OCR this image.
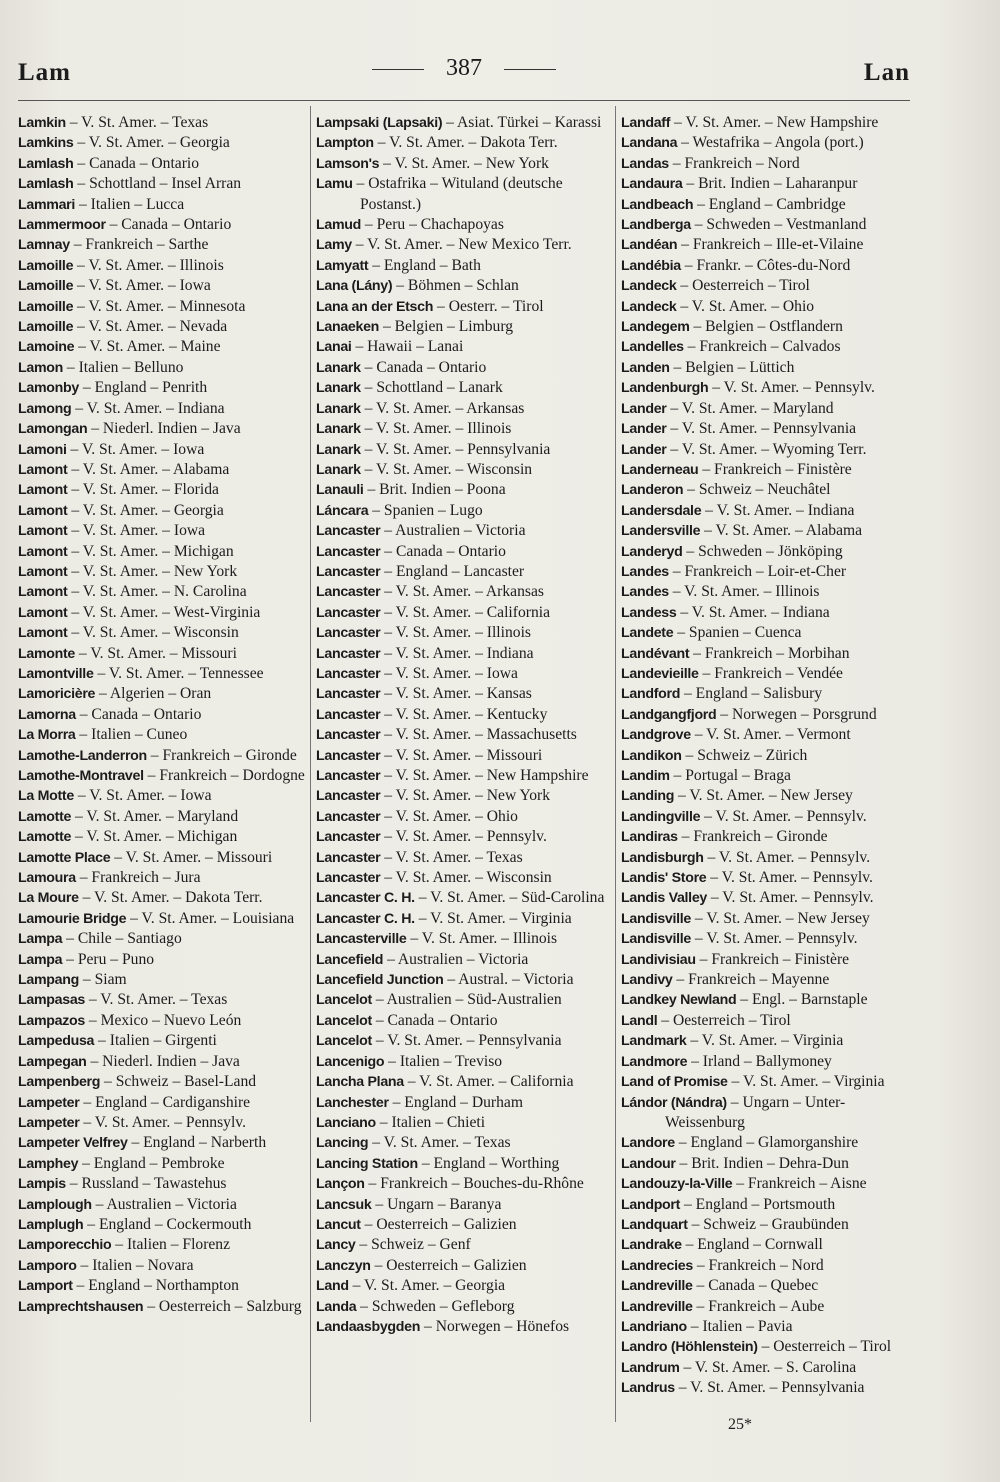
Lam	387	Lan
Lamkin – V. St. Amer. – Texas
Lamkins – V. St. Amer. – Georgia
Lamlash – Canada – Ontario
Lamlash – Schottland – Insel Arran
Lammari – Italien – Lucca
Lammermoor – Canada – Ontario
Lamnay – Frankreich – Sarthe
Lamoille – V. St. Amer. – Illinois
Lamoille – V. St. Amer. – Iowa
Lamoille – V. St. Amer. – Minnesota
Lamoille – V. St. Amer. – Nevada
Lamoine – V. St. Amer. – Maine
Lamon – Italien – Belluno
Lamonby – England – Penrith
Lamong – V. St. Amer. – Indiana
Lamongan – Niederl. Indien – Java
Lamoni – V. St. Amer. – Iowa
Lamont – V. St. Amer. – Alabama
Lamont – V. St. Amer. – Florida
Lamont – V. St. Amer. – Georgia
Lamont – V. St. Amer. – Iowa
Lamont – V. St. Amer. – Michigan
Lamont – V. St. Amer. – New York
Lamont – V. St. Amer. – N. Carolina
Lamont – V. St. Amer. – West-Virginia
Lamont – V. St. Amer. – Wisconsin
Lamonte – V. St. Amer. – Missouri
Lamontville – V. St. Amer. – Tennessee
Lamoricière – Algerien – Oran
Lamorna – Canada – Ontario
La Morra – Italien – Cuneo
Lamothe-Landerron – Frankreich – Gironde
Lamothe-Montravel – Frankreich – Dordogne
La Motte – V. St. Amer. – Iowa
Lamotte – V. St. Amer. – Maryland
Lamotte – V. St. Amer. – Michigan
Lamotte Place – V. St. Amer. – Missouri
Lamoura – Frankreich – Jura
La Moure – V. St. Amer. – Dakota Terr.
Lamourie Bridge – V. St. Amer. – Louisiana
Lampa – Chile – Santiago
Lampa – Peru – Puno
Lampang – Siam
Lampasas – V. St. Amer. – Texas
Lampazos – Mexico – Nuevo León
Lampedusa – Italien – Girgenti
Lampegan – Niederl. Indien – Java
Lampenberg – Schweiz – Basel-Land
Lampeter – England – Cardiganshire
Lampeter – V. St. Amer. – Pennsylv.
Lampeter Velfrey – England – Narberth
Lamphey – England – Pembroke
Lampis – Russland – Tawastehus
Lamplough – Australien – Victoria
Lamplugh – England – Cockermouth
Lamporecchio – Italien – Florenz
Lamporo – Italien – Novara
Lamport – England – Northampton
Lamprechtshausen – Oesterreich – Salzburg
Lampsaki (Lapsaki) – Asiat. Türkei – Karassi
Lampton – V. St. Amer. – Dakota Terr.
Lamson's – V. St. Amer. – New York
Lamu – Ostafrika – Wituland (deutsche Postanst.)
Lamud – Peru – Chachapoyas
Lamy – V. St. Amer. – New Mexico Terr.
Lamyatt – England – Bath
Lana (Lány) – Böhmen – Schlan
Lana an der Etsch – Oesterr. – Tirol
Lanaeken – Belgien – Limburg
Lanai – Hawaii – Lanai
Lanark – Canada – Ontario
Lanark – Schottland – Lanark
Lanark – V. St. Amer. – Arkansas
Lanark – V. St. Amer. – Illinois
Lanark – V. St. Amer. – Pennsylvania
Lanark – V. St. Amer. – Wisconsin
Lanauli – Brit. Indien – Poona
Láncara – Spanien – Lugo
Lancaster – Australien – Victoria
Lancaster – Canada – Ontario
Lancaster – England – Lancaster
Lancaster – V. St. Amer. – Arkansas
Lancaster – V. St. Amer. – California
Lancaster – V. St. Amer. – Illinois
Lancaster – V. St. Amer. – Indiana
Lancaster – V. St. Amer. – Iowa
Lancaster – V. St. Amer. – Kansas
Lancaster – V. St. Amer. – Kentucky
Lancaster – V. St. Amer. – Massachusetts
Lancaster – V. St. Amer. – Missouri
Lancaster – V. St. Amer. – New Hampshire
Lancaster – V. St. Amer. – New York
Lancaster – V. St. Amer. – Ohio
Lancaster – V. St. Amer. – Pennsylv.
Lancaster – V. St. Amer. – Texas
Lancaster – V. St. Amer. – Wisconsin
Lancaster C. H. – V. St. Amer. – Süd-Carolina
Lancaster C. H. – V. St. Amer. – Virginia
Lancasterville – V. St. Amer. – Illinois
Lancefield – Australien – Victoria
Lancefield Junction – Austral. – Victoria
Lancelot – Australien – Süd-Australien
Lancelot – Canada – Ontario
Lancelot – V. St. Amer. – Pennsylvania
Lancenigo – Italien – Treviso
Lancha Plana – V. St. Amer. – California
Lanchester – England – Durham
Lanciano – Italien – Chieti
Lancing – V. St. Amer. – Texas
Lancing Station – England – Worthing
Lançon – Frankreich – Bouches-du-Rhône
Lancsuk – Ungarn – Baranya
Lancut – Oesterreich – Galizien
Lancy – Schweiz – Genf
Lanczyn – Oesterreich – Galizien
Land – V. St. Amer. – Georgia
Landa – Schweden – Gefleborg
Landaasbygden – Norwegen – Hönefos
Landaff – V. St. Amer. – New Hampshire
Landana – Westafrika – Angola (port.)
Landas – Frankreich – Nord
Landaura – Brit. Indien – Laharanpur
Landbeach – England – Cambridge
Landberga – Schweden – Vestmanland
Landéan – Frankreich – Ille-et-Vilaine
Landébia – Frankr. – Côtes-du-Nord
Landeck – Oesterreich – Tirol
Landeck – V. St. Amer. – Ohio
Landegem – Belgien – Ostflandern
Landelles – Frankreich – Calvados
Landen – Belgien – Lüttich
Landenburgh – V. St. Amer. – Pennsylv.
Lander – V. St. Amer. – Maryland
Lander – V. St. Amer. – Pennsylvania
Lander – V. St. Amer. – Wyoming Terr.
Landerneau – Frankreich – Finistère
Landeron – Schweiz – Neuchâtel
Landersdale – V. St. Amer. – Indiana
Landersville – V. St. Amer. – Alabama
Landeryd – Schweden – Jönköping
Landes – Frankreich – Loir-et-Cher
Landes – V. St. Amer. – Illinois
Landess – V. St. Amer. – Indiana
Landete – Spanien – Cuenca
Landévant – Frankreich – Morbihan
Landevieille – Frankreich – Vendée
Landford – England – Salisbury
Landgangfjord – Norwegen – Porsgrund
Landgrove – V. St. Amer. – Vermont
Landikon – Schweiz – Zürich
Landim – Portugal – Braga
Landing – V. St. Amer. – New Jersey
Landingville – V. St. Amer. – Pennsylv.
Landiras – Frankreich – Gironde
Landisburgh – V. St. Amer. – Pennsylv.
Landis' Store – V. St. Amer. – Pennsylv.
Landis Valley – V. St. Amer. – Pennsylv.
Landisville – V. St. Amer. – New Jersey
Landisville – V. St. Amer. – Pennsylv.
Landivisiau – Frankreich – Finistère
Landivy – Frankreich – Mayenne
Landkey Newland – Engl. – Barnstaple
Landl – Oesterreich – Tirol
Landmark – V. St. Amer. – Virginia
Landmore – Irland – Ballymoney
Land of Promise – V. St. Amer. – Virginia
Lándor (Nándra) – Ungarn – Unter-Weissenburg
Landore – England – Glamorganshire
Landour – Brit. Indien – Dehra-Dun
Landouzy-la-Ville – Frankreich – Aisne
Landport – England – Portsmouth
Landquart – Schweiz – Graubünden
Landrake – England – Cornwall
Landrecies – Frankreich – Nord
Landreville – Canada – Quebec
Landreville – Frankreich – Aube
Landriano – Italien – Pavia
Landro (Höhlenstein) – Oesterreich – Tirol
Landrum – V. St. Amer. – S. Carolina
Landrus – V. St. Amer. – Pennsylvania
25*
